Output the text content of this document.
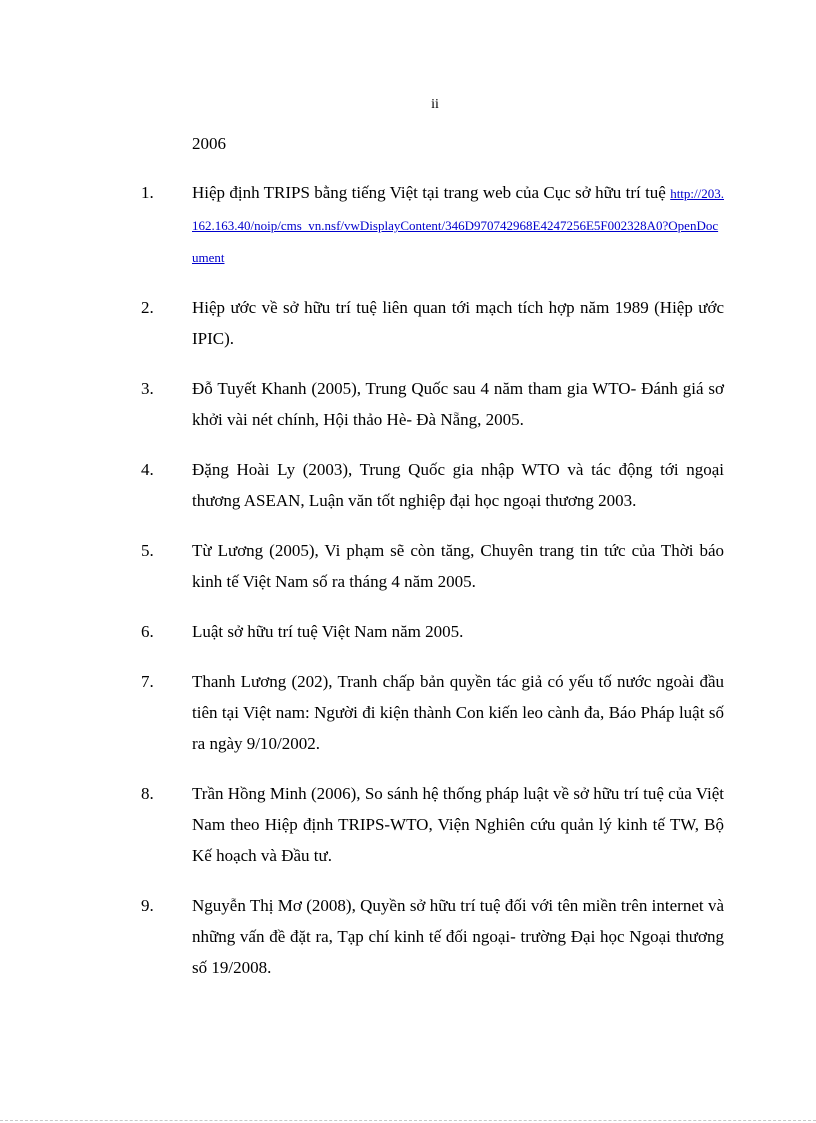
ii
2006
1. Hiệp định TRIPS bằng tiếng Việt tại trang web của Cục sở hữu trí tuệ http://203.162.163.40/noip/cms_vn.nsf/vwDisplayContent/346D970742968E4247256E5F002328A0?OpenDocument
2. Hiệp ước về sở hữu trí tuệ liên quan tới mạch tích hợp năm 1989 (Hiệp ước IPIC).
3. Đỗ Tuyết Khanh (2005), Trung Quốc sau 4 năm tham gia WTO- Đánh giá sơ khởi vài nét chính, Hội thảo Hè- Đà Nẵng, 2005.
4. Đặng Hoài Ly (2003), Trung Quốc gia nhập WTO và tác động tới ngoại thương ASEAN, Luận văn tốt nghiệp đại học ngoại thương 2003.
5. Từ Lương (2005), Vi phạm sẽ còn tăng, Chuyên trang tin tức của Thời báo kinh tế Việt Nam số ra tháng 4 năm 2005.
6. Luật sở hữu trí tuệ Việt Nam năm 2005.
7. Thanh Lương (202), Tranh chấp bản quyền tác giả có yếu tố nước ngoài đầu tiên tại Việt nam: Người đi kiện thành Con kiến leo cành đa, Báo Pháp luật số ra ngày 9/10/2002.
8. Trần Hồng Minh (2006), So sánh hệ thống pháp luật về sở hữu trí tuệ của Việt Nam theo Hiệp định TRIPS-WTO, Viện Nghiên cứu quản lý kinh tế TW, Bộ Kế hoạch và Đầu tư.
9. Nguyễn Thị Mơ (2008), Quyền sở hữu trí tuệ đối với tên miền trên internet và những vấn đề đặt ra, Tạp chí kinh tế đối ngoại- trường Đại học Ngoại thương số 19/2008.
